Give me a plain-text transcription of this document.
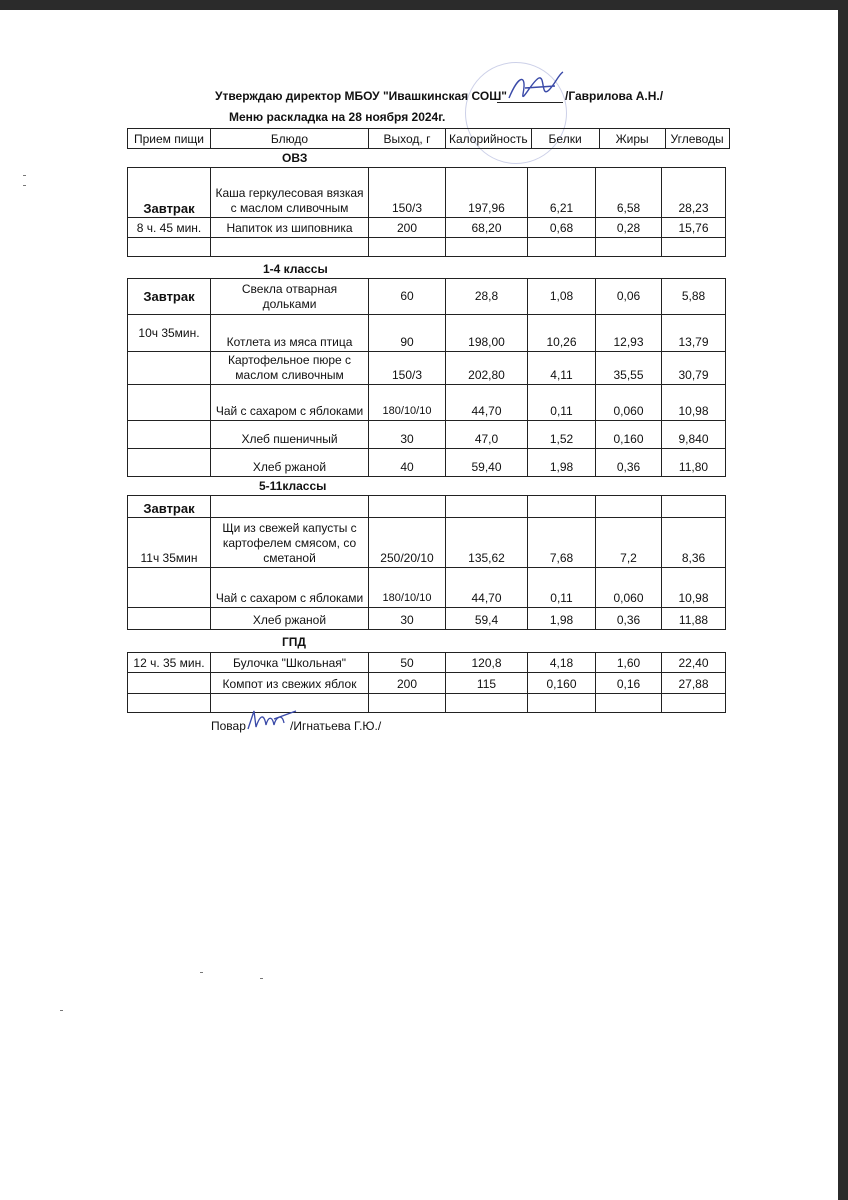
Утверждаю директор МБОУ "Ивашкинская СОШ"	/Гаврилова А.Н./
Меню раскладка на 28 ноября 2024г.
Прием пищи	Блюдо	Выход, г	Калорийность	Белки	Жиры	Углеводы
ОВЗ
Завтрак	Каша геркулесовая вязкая с маслом сливочным	150/3	197,96	6,21	6,58	28,23
8 ч. 45 мин.	Напиток из шиповника	200	68,20	0,68	0,28	15,76

1-4 классы
Завтрак	Свекла отварная дольками	60	28,8	1,08	0,06	5,88
10ч 35мин.	Котлета из мяса птица	90	198,00	10,26	12,93	13,79
	Картофельное пюре с маслом сливочным	150/3	202,80	4,11	35,55	30,79
	Чай с сахаром с яблоками	180/10/10	44,70	0,11	0,060	10,98
	Хлеб пшеничный	30	47,0	1,52	0,160	9,840
	Хлеб ржаной	40	59,40	1,98	0,36	11,80
5-11классы
Завтрак						
11ч 35мин	Щи из свежей капусты с картофелем смясом, со сметаной	250/20/10	135,62	7,68	7,2	8,36
	Чай с сахаром с яблоками	180/10/10	44,70	0,11	0,060	10,98
	Хлеб ржаной	30	59,4	1,98	0,36	11,88
ГПД
12 ч. 35 мин.	Булочка "Школьная"	50	120,8	4,18	1,60	22,40
	Компот из свежих яблок	200	115	0,160	0,16	27,88

Повар	/Игнатьева Г.Ю./
